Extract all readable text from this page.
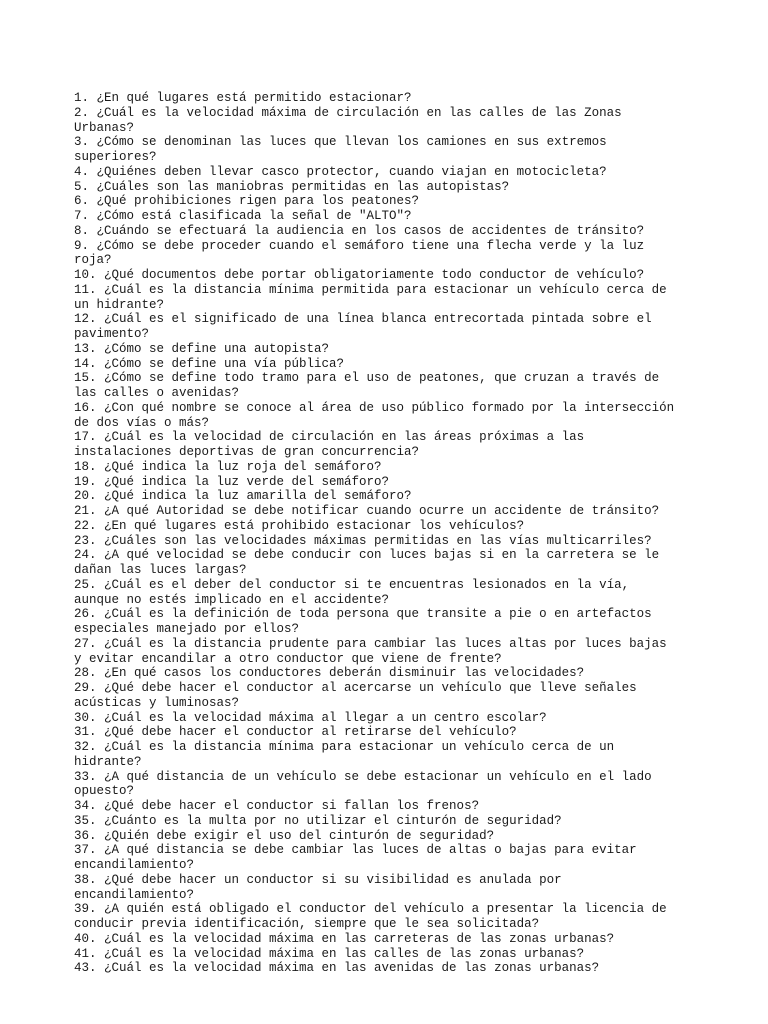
1. ¿En qué lugares está permitido estacionar?
2. ¿Cuál es la velocidad máxima de circulación en las calles de las Zonas
Urbanas?
3. ¿Cómo se denominan las luces que llevan los camiones en sus extremos
superiores?
4. ¿Quiénes deben llevar casco protector, cuando viajan en motocicleta?
5. ¿Cuáles son las maniobras permitidas en las autopistas?
6. ¿Qué prohibiciones rigen para los peatones?
7. ¿Cómo está clasificada la señal de "ALTO"?
8. ¿Cuándo se efectuará la audiencia en los casos de accidentes de tránsito?
9. ¿Cómo se debe proceder cuando el semáforo tiene una flecha verde y la luz
roja?
10. ¿Qué documentos debe portar obligatoriamente todo conductor de vehículo?
11. ¿Cuál es la distancia mínima permitida para estacionar un vehículo cerca de
un hidrante?
12. ¿Cuál es el significado de una línea blanca entrecortada pintada sobre el
pavimento?
13. ¿Cómo se define una autopista?
14. ¿Cómo se define una vía pública?
15. ¿Cómo se define todo tramo para el uso de peatones, que cruzan a través de
las calles o avenidas?
16. ¿Con qué nombre se conoce al área de uso público formado por la intersección
de dos vías o más?
17. ¿Cuál es la velocidad de circulación en las áreas próximas a las
instalaciones deportivas de gran concurrencia?
18. ¿Qué indica la luz roja del semáforo?
19. ¿Qué indica la luz verde del semáforo?
20. ¿Qué indica la luz amarilla del semáforo?
21. ¿A qué Autoridad se debe notificar cuando ocurre un accidente de tránsito?
22. ¿En qué lugares está prohibido estacionar los vehículos?
23. ¿Cuáles son las velocidades máximas permitidas en las vías multicarriles?
24. ¿A qué velocidad se debe conducir con luces bajas si en la carretera se le
dañan las luces largas?
25. ¿Cuál es el deber del conductor si te encuentras lesionados en la vía,
aunque no estés implicado en el accidente?
26. ¿Cuál es la definición de toda persona que transite a pie o en artefactos
especiales manejado por ellos?
27. ¿Cuál es la distancia prudente para cambiar las luces altas por luces bajas
y evitar encandilar a otro conductor que viene de frente?
28. ¿En qué casos los conductores deberán disminuir las velocidades?
29. ¿Qué debe hacer el conductor al acercarse un vehículo que lleve señales
acústicas y luminosas?
30. ¿Cuál es la velocidad máxima al llegar a un centro escolar?
31. ¿Qué debe hacer el conductor al retirarse del vehículo?
32. ¿Cuál es la distancia mínima para estacionar un vehículo cerca de un
hidrante?
33. ¿A qué distancia de un vehículo se debe estacionar un vehículo en el lado
opuesto?
34. ¿Qué debe hacer el conductor si fallan los frenos?
35. ¿Cuánto es la multa por no utilizar el cinturón de seguridad?
36. ¿Quién debe exigir el uso del cinturón de seguridad?
37. ¿A qué distancia se debe cambiar las luces de altas o bajas para evitar
encandilamiento?
38. ¿Qué debe hacer un conductor si su visibilidad es anulada por
encandilamiento?
39. ¿A quién está obligado el conductor del vehículo a presentar la licencia de
conducir previa identificación, siempre que le sea solicitada?
40. ¿Cuál es la velocidad máxima en las carreteras de las zonas urbanas?
41. ¿Cuál es la velocidad máxima en las calles de las zonas urbanas?
43. ¿Cuál es la velocidad máxima en las avenidas de las zonas urbanas?
